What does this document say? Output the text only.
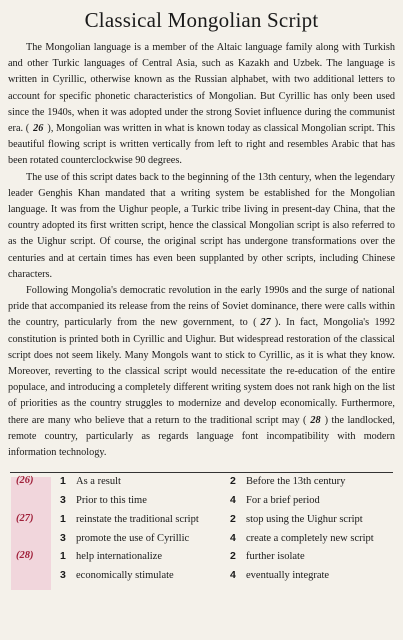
Classical Mongolian Script

The Mongolian language is a member of the Altaic language family along with Turkish and other Turkic languages of Central Asia, such as Kazakh and Uzbek. The language is written in Cyrillic, otherwise known as the Russian alphabet, with two additional letters to account for specific phonetic characteristics of Mongolian. But Cyrillic has only been used since the 1940s, when it was adopted under the strong Soviet influence during the communist era. ( 26 ), Mongolian was written in what is known today as classical Mongolian script. This beautiful flowing script is written vertically from left to right and resembles Arabic that has been rotated counterclockwise 90 degrees.

The use of this script dates back to the beginning of the 13th century, when the legendary leader Genghis Khan mandated that a writing system be established for the Mongolian language. It was from the Uighur people, a Turkic tribe living in present-day China, that the country adopted its first written script, hence the classical Mongolian script is also referred to as the Uighur script. Of course, the original script has undergone transformations over the centuries and at certain times has even been supplanted by other scripts, including Chinese characters.

Following Mongolia's democratic revolution in the early 1990s and the surge of national pride that accompanied its release from the reins of Soviet dominance, there were calls within the country, particularly from the new government, to ( 27 ). In fact, Mongolia's 1992 constitution is printed both in Cyrillic and Uighur. But widespread restoration of the classical script does not seem likely. Many Mongols want to stick to Cyrillic, as it is what they know. Moreover, reverting to the classical script would necessitate the re-education of the entire populace, and introducing a completely different writing system does not rank high on the list of priorities as the country struggles to modernize and develop economically. Furthermore, there are many who believe that a return to the traditional script may ( 28 ) the landlocked, remote country, particularly as regards language font incompatibility with modern information technology.

(26)	1 As a result	2 Before the 13th century
3 Prior to this time	4 For a brief period
(27)	1 reinstate the traditional script	2 stop using the Uighur script
3 promote the use of Cyrillic	4 create a completely new script
(28)	1 help internationalize	2 further isolate
3 economically stimulate	4 eventually integrate
